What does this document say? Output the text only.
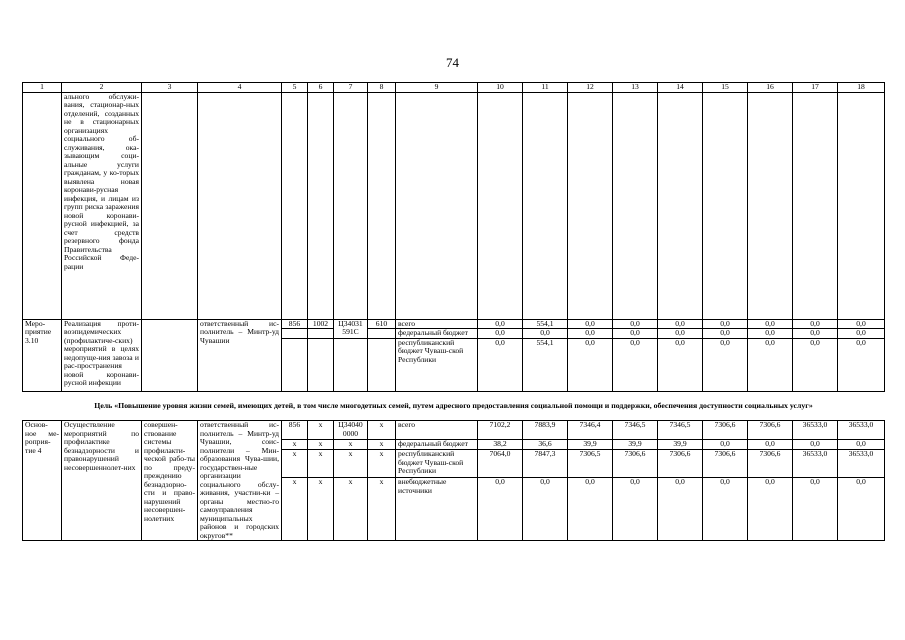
74
1	2	3	4	5	6	7	8	9	10	11	12	13	14	15	16	17	18
	ального обслужи-вания, стационар-ных отделений, созданных не в стационарных организациях социального об-служивания, ока-зывающим соци-альные услуги гражданам, у ко-торых выявлена новая коронави-русная инфекция, и лицам из групп риска заражения новой коронави-русной инфекцией, за счет средств резервного фонда Правительства Российской Феде-рации																
Меро-приятие 3.10	Реализация проти-воэпидемических (профилактиче-ских) мероприятий в целях недопуще-ния завоза и рас-пространения новой коронави-русной инфекции		ответственный ис-полнитель – Минтр-уд Чувашии	856	1002	Ц34031 591С	610	всего	0,0	554,1	0,0	0,0	0,0	0,0	0,0	0,0	0,0
								федеральный бюджет	0,0	0,0	0,0	0,0	0,0	0,0	0,0	0,0	0,0
								республиканский бюджет Чуваш-ской Республики	0,0	554,1	0,0	0,0	0,0	0,0	0,0	0,0	0,0
Цель «Повышение уровня жизни семей, имеющих детей, в том числе многодетных семей, путем адресного предоставления социальной помощи и поддержки, обеспечения доступности социальных услуг»																	
Основ-ное ме-роприя-тие 4	Осуществление мероприятий по профилактике безнадзорности и правонарушений несовершеннолет-них	совершен-ствование системы профилакти-ческой рабо-ты по преду-преждению безнадзорно-сти и право-нарушений несовершен-нолетних	ответственный ис-полнитель – Минтр-уд Чувашии, соис-полнители – Мин-образования Чува-шии, государствен-ные организации социального обслу-живания, участни-ки – органы местно-го самоуправления муниципальных районов и городских округов**	856	x	Ц34040 0000	x	всего	7102,2	7883,9	7346,4	7346,5	7346,5	7306,6	7306,6	36533,0	36533,0
				x	x	x	x	федеральный бюджет	38,2	36,6	39,9	39,9	39,9	0,0	0,0	0,0	0,0
				x	x	x	x	республиканский бюджет Чуваш-ской Республики	7064,0	7847,3	7306,5	7306,6	7306,6	7306,6	7306,6	36533,0	36533,0
				x	x	x	x	внебюджетные источники	0,0	0,0	0,0	0,0	0,0	0,0	0,0	0,0	0,0
